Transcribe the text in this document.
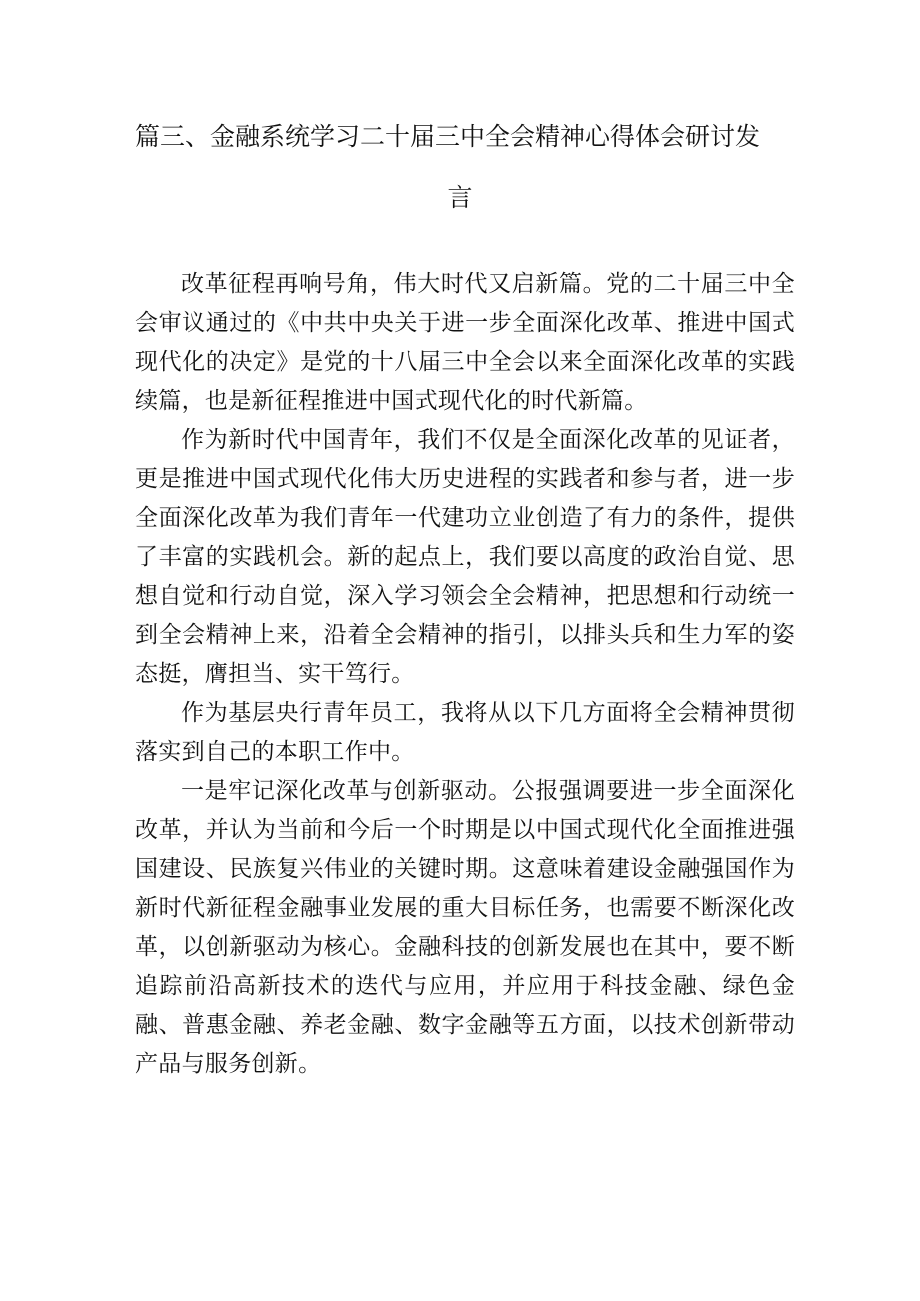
篇三、金融系统学习二十届三中全会精神心得体会研讨发
言

改革征程再响号角，伟大时代又启新篇。党的二十届三中全会审议通过的《中共中央关于进一步全面深化改革、推进中国式现代化的决定》是党的十八届三中全会以来全面深化改革的实践续篇，也是新征程推进中国式现代化的时代新篇。

作为新时代中国青年，我们不仅是全面深化改革的见证者，更是推进中国式现代化伟大历史进程的实践者和参与者，进一步全面深化改革为我们青年一代建功立业创造了有力的条件，提供了丰富的实践机会。新的起点上，我们要以高度的政治自觉、思想自觉和行动自觉，深入学习领会全会精神，把思想和行动统一到全会精神上来，沿着全会精神的指引，以排头兵和生力军的姿态挺，膺担当、实干笃行。

作为基层央行青年员工，我将从以下几方面将全会精神贯彻落实到自己的本职工作中。

一是牢记深化改革与创新驱动。公报强调要进一步全面深化改革，并认为当前和今后一个时期是以中国式现代化全面推进强国建设、民族复兴伟业的关键时期。这意味着建设金融强国作为新时代新征程金融事业发展的重大目标任务，也需要不断深化改革，以创新驱动为核心。金融科技的创新发展也在其中，要不断追踪前沿高新技术的迭代与应用，并应用于科技金融、绿色金融、普惠金融、养老金融、数字金融等五方面，以技术创新带动产品与服务创新。
